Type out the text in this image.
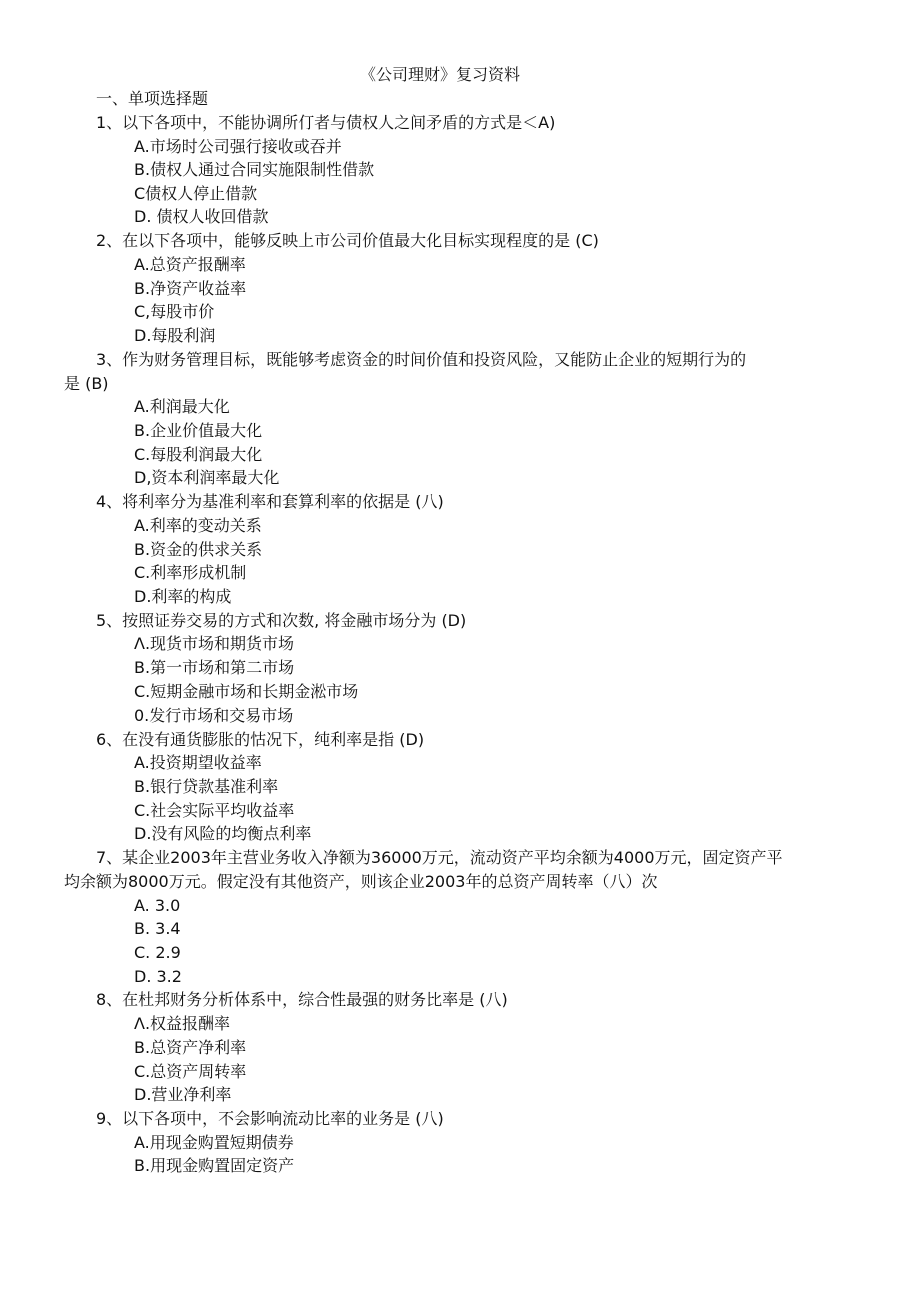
《公司理财》复习资料
一、单项选择题
1、以下各项中，不能协调所仃者与债权人之间矛盾的方式是＜A)
A.市场时公司强行接收或吞并
B.债权人通过合同实施限制性借款
C债权人停止借款
D. 债权人收回借款
2、在以下各项中，能够反映上市公司价值最大化目标实现程度的是 (C)
A.总资产报酬率
B.净资产收益率
C,每股市价
D.每股利润
3、作为财务管理目标，既能够考虑资金的时间价值和投资风险，又能防止企业的短期行为的
是 (B)
A.利润最大化
B.企业价值最大化
C.每股利润最大化
D,资本利润率最大化
4、将利率分为基准利率和套算利率的依据是 (八)
A.利率的变动关系
B.资金的供求关系
C.利率形成机制
D.利率的构成
5、按照证券交易的方式和次数, 将金融市场分为 (D)
Λ.现货市场和期货市场
B.第一市场和第二市场
C.短期金融市场和长期金淞市场
0.发行市场和交易市场
6、在没有通货膨胀的怙况下，纯利率是指 (D)
A.投资期望收益率
B.银行贷款基准利率
C.社会实际平均收益率
D.没有风险的均衡点利率
7、某企业2003年主营业务收入净额为36000万元，流动资产平均余额为4000万元，固定资产平
均余额为8000万元。假定没有其他资产，则该企业2003年的总资产周转率（八）次
A. 3.0
B. 3.4
C. 2.9
D. 3.2
8、在杜邦财务分析体系中，综合性最强的财务比率是 (八)
Λ.权益报酬率
B.总资产净利率
C.总资产周转率
D.营业净利率
9、以下各项中，不会影响流动比率的业务是 (八)
A.用现金购置短期债券
B.用现金购置固定资产
